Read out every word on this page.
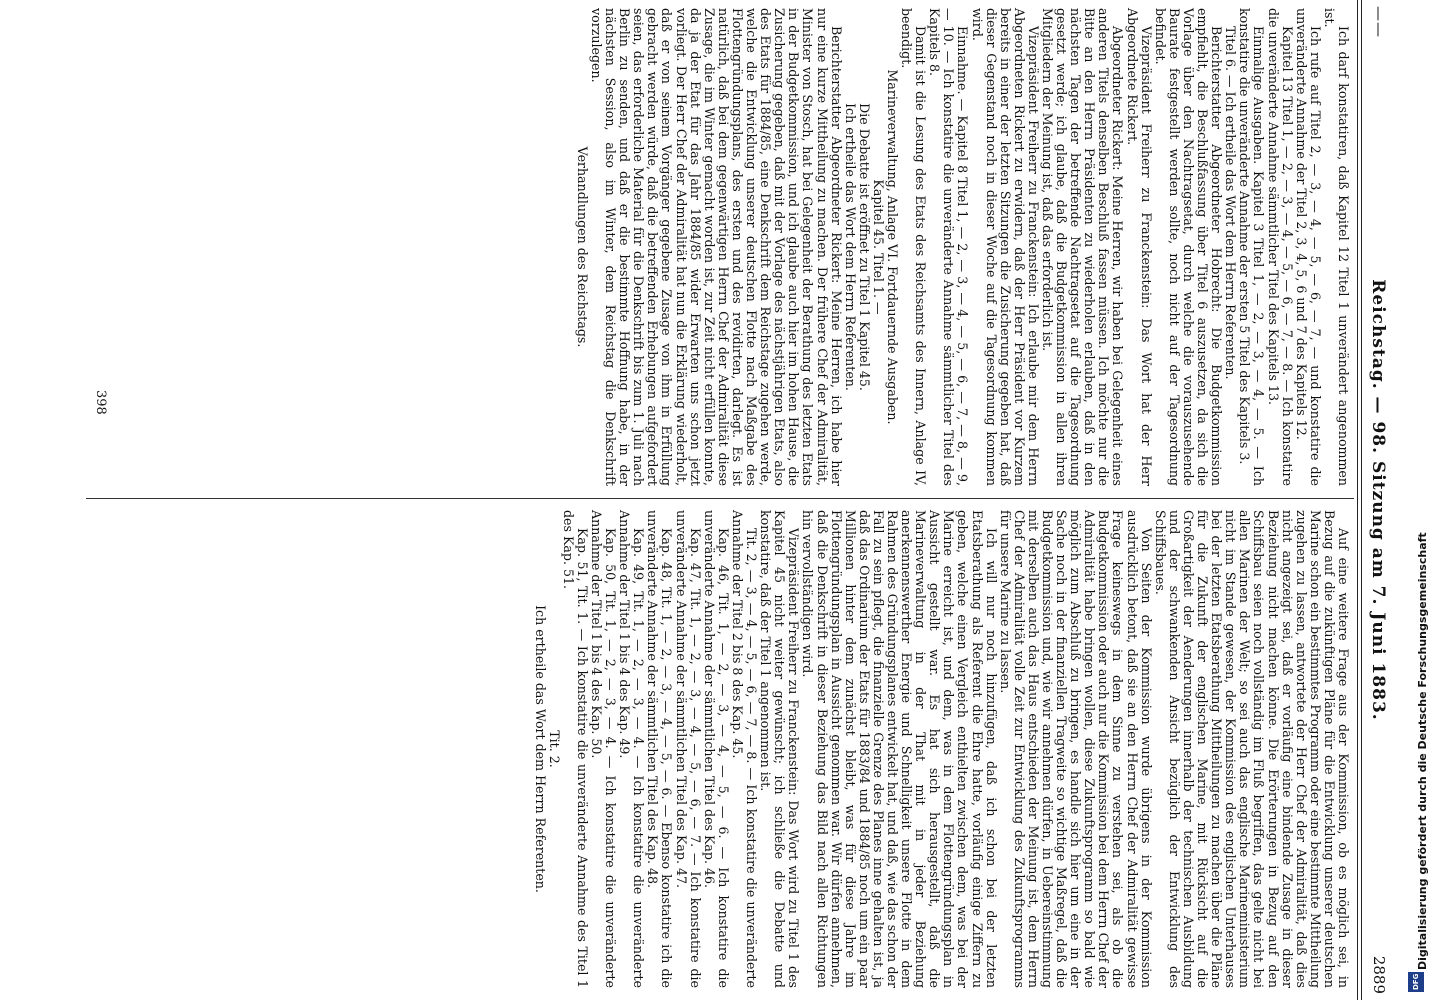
——
Reichstag. — 98. Sitzung am 7. Juni 1883.
2889

Ich darf konstatiren, daß Kapitel 12 Titel 1 unverändert angenommen ist.

Ich rufe auf Titel 2, — 3, — 4, — 5, — 6, — 7, — und konstatire die unveränderte Annahme der Titel 2, 3, 4, 5, 6 und 7 des Kapitels 12.

Kapitel 13 Titel 1, — 2, — 3, — 4, — 5, — 6, — 7, — 8. — Ich konstatire die unveränderte Annahme sämmtlicher Titel des Kapitels 13.

Einmalige Ausgaben. Kapitel 3 Titel 1, — 2, — 3, — 4, — 5. — Ich konstatire die unveränderte Annahme der ersten 5 Titel des Kapitels 3.

Titel 6. — Ich ertheile das Wort dem Herrn Referenten.

Berichterstatter Abgeordneter Hobrecht: Die Budgetkommission empfiehlt, die Beschlußfassung über Titel 6 auszusetzen, da sich die Vorlage über den Nachtragsetat, durch welche die vorauszusehende Baurate festgestellt werden sollte, noch nicht auf der Tagesordnung befindet.

Vizepräsident Freiherr zu Franckenstein: Das Wort hat der Herr Abgeordnete Rickert.

Abgeordneter Rickert: Meine Herren, wir haben bei Gelegenheit eines anderen Titels denselben Beschluß fassen müssen. Ich möchte nur die Bitte an den Herrn Präsidenten zu wiederholen erlauben, daß in den nächsten Tagen der betreffende Nachtragsetat auf die Tagesordnung gesetzt werde; ich glaube, daß die Budgetkommission in allen ihren Mitgliedern der Meinung ist, daß das erforderlich ist.

Vizepräsident Freiherr zu Franckenstein: Ich erlaube mir dem Herrn Abgeordneten Rickert zu erwidern, daß der Herr Präsident vor Kurzem bereits in einer der letzten Sitzungen die Zusicherung gegeben hat, daß dieser Gegenstand noch in dieser Woche auf die Tagesordnung kommen wird.

Einnahme. — Kapitel 8 Titel 1, — 2, — 3, — 4, — 5, — 6, — 7, — 8, — 9, — 10. — Ich konstatire die unveränderte Annahme sämmtlicher Titel des Kapitels 8.

Damit ist die Lesung des Etats des Reichsamts des Innern, Anlage IV, beendigt.

Marineverwaltung, Anlage VI. Fortdauernde Ausgaben.

Kapitel 45. Titel 1. —

Die Debatte ist eröffnet zu Titel 1 Kapitel 45.

Ich ertheile das Wort dem Herrn Referenten.

Berichterstatter Abgeordneter Rickert: Meine Herren, ich habe hier nur eine kurze Mittheilung zu machen. Der frühere Chef der Admiralität, Minister von Stosch, hat bei Gelegenheit der Berathung des letzten Etats in der Budgetkommission, und ich glaube auch hier im hohen Hause, die Zusicherung gegeben, daß mit der Vorlage des nächstjährigen Etats, also des Etats für 1884/85, eine Denkschrift dem Reichstage zugehen werde, welche die Entwicklung unserer deutschen Flotte nach Maßgabe des Flottengründungsplans, des ersten und des revidirten, darlegt. Es ist natürlich, daß bei dem gegenwärtigen Herrn Chef der Admiralität diese Zusage, die im Winter gemacht worden ist, zur Zeit nicht erfüllen konnte, da ja der Etat für das Jahr 1884/85 wider Erwarten uns schon jetzt vorliegt. Der Herr Chef der Admiralität hat nun die Erklärung wiederholt, daß er von seinem Vorgänger gegebene Zusage von ihm in Erfüllung gebracht werden würde, daß die betreffenden Erhebungen aufgefordert seien, das erforderliche Material für die Denkschrift bis zum 1. Juli nach Berlin zu senden, und daß er die bestimmte Hoffnung habe, in der nächsten Session, also im Winter, dem Reichstag die Denkschrift vorzulegen.

Verhandlungen des Reichstags.

Auf eine weitere Frage aus der Kommission, ob es möglich sei, in Bezug auf die zukünftigen Pläne für die Entwicklung unserer deutschen Marine schon ein bestimmtes Programm oder eine bestimmte Mittheilung zugehen zu lassen, antwortete der Herr Chef der Admiralität, daß dies nicht angezeigt sei, daß er vorläufig eine bindende Zusage in dieser Beziehung nicht machen könne. Die Erörterungen in Bezug auf den Schiffsbau seien noch vollständig im Fluß begriffen, das gelte nicht bei allen Marinen der Welt; so sei auch das englische Marineministerium nicht im Stande gewesen, der Kommission des englischen Unterhauses bei der letzten Etatsberathung Mittheilungen zu machen über die Pläne für die Zukunft der englischen Marine, mit Rücksicht auf die Großartigkeit der Aenderungen innerhalb der technischen Ausbildung und der schwankenden Ansicht bezüglich der Entwicklung des Schiffsbaues.

Von Seiten der Kommission wurde übrigens in der Kommission ausdrücklich betont, daß sie an den Herrn Chef der Admiralität gewisse Frage keineswegs in dem Sinne zu verstehen sei, als ob die Budgetkommission oder auch nur die Kommission bei dem Herrn Chef der Admiralität habe bringen wollen, diese Zukunftsprogramm so bald wie möglich zum Abschluß zu bringen, es handle sich hier um eine in der Sache noch in der finanziellen Tragweite so wichtige Maßregel, daß die Budgetkommission und, wie wir annehmen dürfen, in Uebereinstimmung mit derselben auch das Haus entschieden der Meinung ist, dem Herrn Chef der Admiralität volle Zeit zur Entwicklung des Zukunftsprogramms für unsere Marine zu lassen.

Ich will nur noch hinzufügen, daß ich schon bei der letzten Etatsberathung als Referent die Ehre hatte, vorläufig einige Ziffern zu geben, welche einen Vergleich enthielten zwischen dem, was bei der Marine erreicht ist, und dem, was in dem Flottengründungsplan in Aussicht gestellt war. Es hat sich herausgestellt, daß die Marineverwaltung in der That mit in jeder Beziehung anerkennenswerther Energie und Schnelligkeit unsere Flotte in dem Rahmen des Gründungsplanes entwickelt hat, und daß, wie das schon der Fall zu sein pflegt, die finanzielle Grenze des Planes inne gehalten ist, ja daß das Ordinarium der Etats für 1883/84 und 1884/85 noch um ein paar Millionen hinter dem zunächst bleibt, was für diese Jahre im Flottengründungsplan in Aussicht genommen war. Wir dürfen annehmen, daß die Denkschrift in dieser Beziehung das Bild nach allen Richtungen hin vervollständigen wird.

Vizepräsident Freiherr zu Franckenstein: Das Wort wird zu Titel 1 des Kapitel 45 nicht weiter gewünscht; ich schließe die Debatte und konstatire, daß der Titel 1 angenommen ist.

Tit. 2, — 3, — 4, — 5, — 6, — 7, — 8. — Ich konstatire die unveränderte Annahme der Titel 2 bis 8 des Kap. 45.

Kap. 46, Tit. 1, — 2, — 3, — 4, — 5, — 6. — Ich konstatire die unveränderte Annahme der sämmtlichen Titel des Kap. 46.

Kap. 47, Tit. 1, — 2, — 3, — 4, — 5, — 6, — 7. — Ich konstatire die unveränderte Annahme der sämmtlichen Titel des Kap. 47.

Kap. 48, Tit. 1, — 2, — 3, — 4, — 5, — 6. — Ebenso konstatire ich die unveränderte Annahme der sämmtlichen Titel des Kap. 48.

Kap. 49, Tit. 1, — 2, — 3, — 4. — Ich konstatire die unveränderte Annahme der Titel 1 bis 4 des Kap. 49.

Kap. 50, Tit. 1, — 2, — 3, — 4. — Ich konstatire die unveränderte Annahme der Titel 1 bis 4 des Kap. 50.

Kap. 51, Tit. 1. — Ich konstatire die unveränderte Annahme des Titel 1 des Kap. 51.

Tit. 2.

Ich ertheile das Wort dem Herrn Referenten.

398
Digitalisierung gefördert durch die Deutsche Forschungsgemeinschaft
DFG
